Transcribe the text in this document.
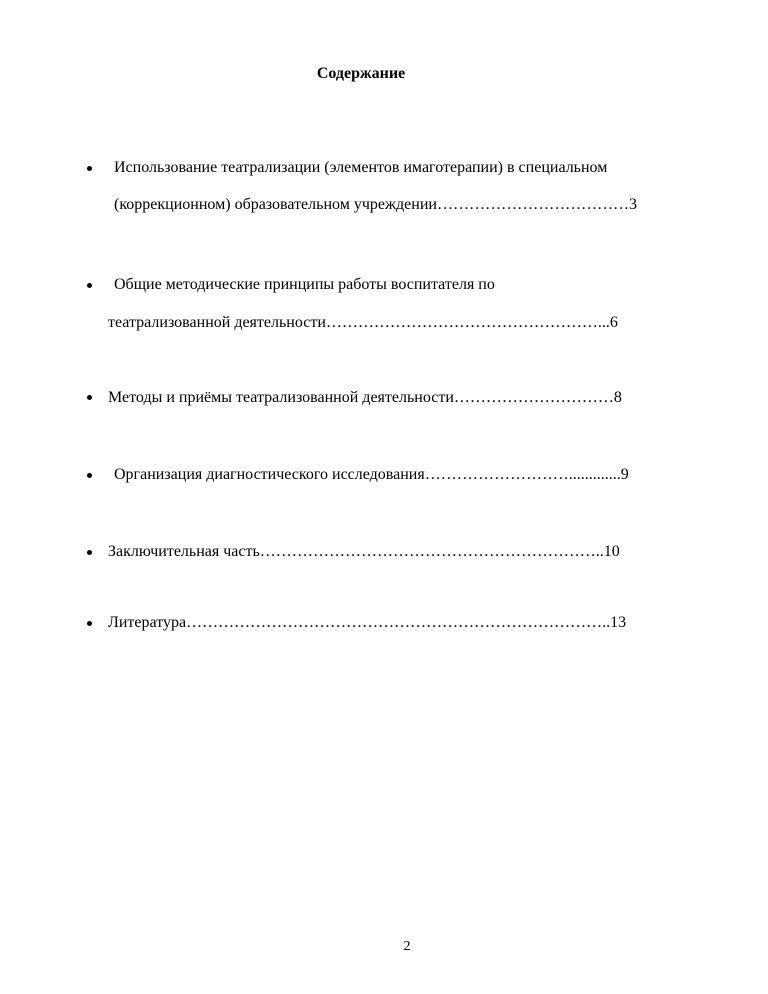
Содержание
Использование театрализации (элементов имаготерапии) в специальном
(коррекционном) образовательном учреждении………………………………3
Общие методические принципы работы воспитателя по
театрализованной деятельности……………………………………………...6
Методы и приёмы театрализованной деятельности…………………………8
Организация диагностического исследования……………………….............9
Заключительная часть………………………………………………………..10
Литература……………………………………………………………………..13
2
